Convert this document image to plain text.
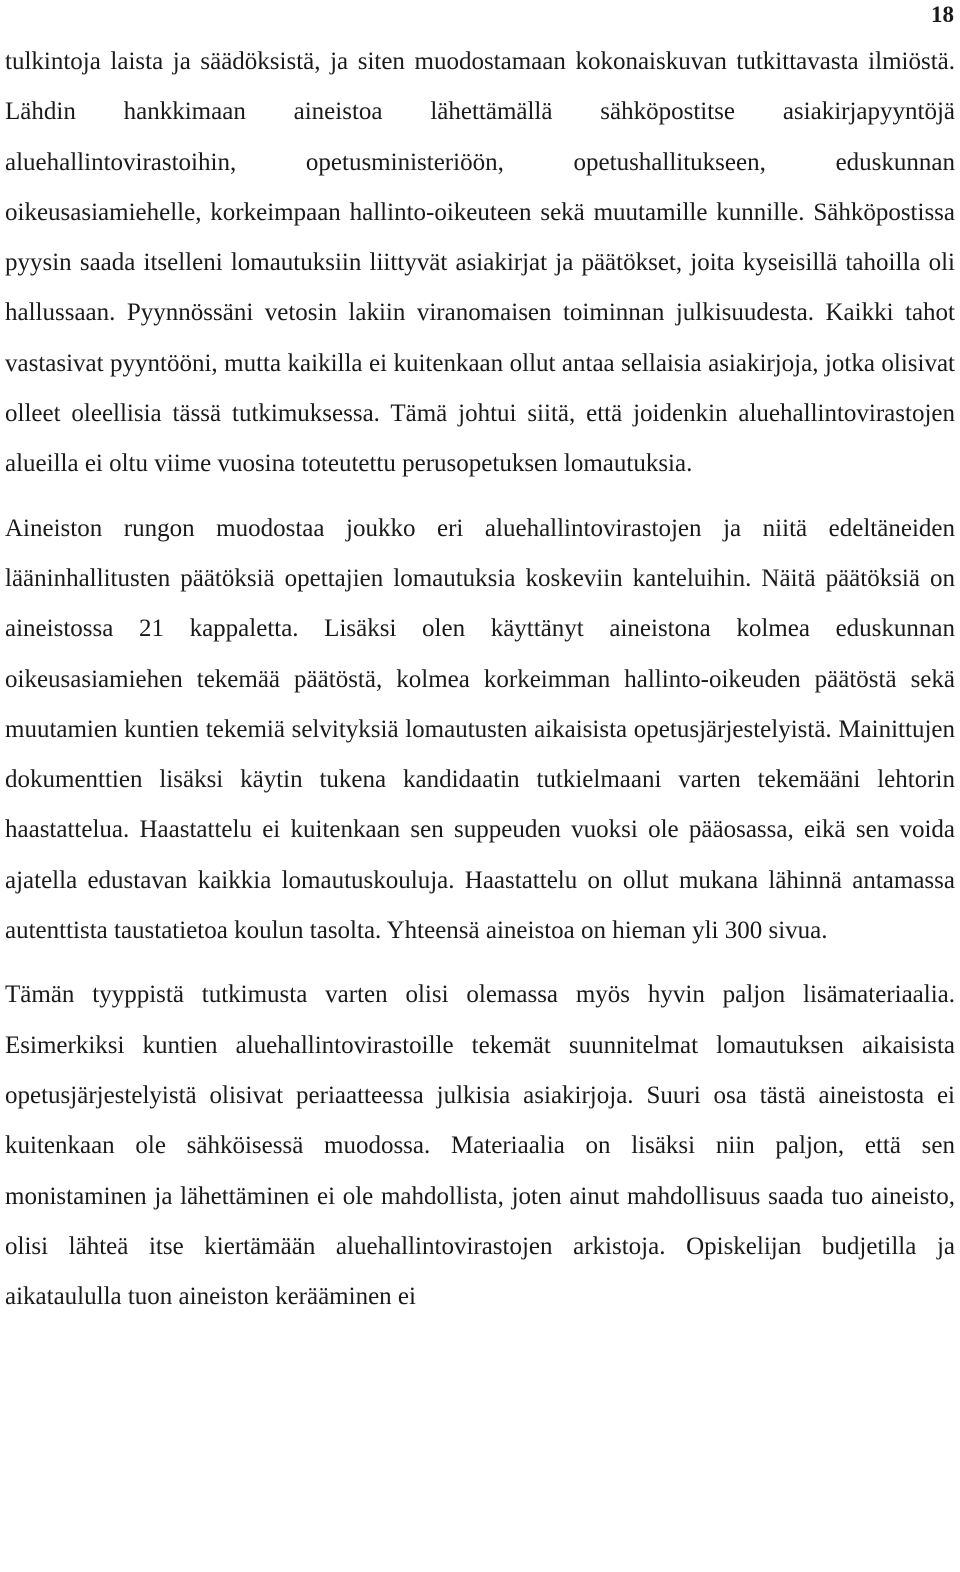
18

tulkintoja laista ja säädöksistä, ja siten muodostamaan kokonaiskuvan tutkittavasta ilmiöstä. Lähdin hankkimaan aineistoa lähettämällä sähköpostitse asiakirjapyyntöjä aluehallintovirastoihin, opetusministeriöön, opetushallitukseen, eduskunnan oikeusasiamiehelle, korkeimpaan hallinto-oikeuteen sekä muutamille kunnille. Sähköpostissa pyysin saada itselleni lomautuksiin liittyvät asiakirjat ja päätökset, joita kyseisillä tahoilla oli hallussaan. Pyynnössäni vetosin lakiin viranomaisen toiminnan julkisuudesta. Kaikki tahot vastasivat pyyntööni, mutta kaikilla ei kuitenkaan ollut antaa sellaisia asiakirjoja, jotka olisivat olleet oleellisia tässä tutkimuksessa. Tämä johtui siitä, että joidenkin aluehallintovirastojen alueilla ei oltu viime vuosina toteutettu perusopetuksen lomautuksia.

Aineiston rungon muodostaa joukko eri aluehallintovirastojen ja niitä edeltäneiden lääninhallitusten päätöksiä opettajien lomautuksia koskeviin kanteluihin. Näitä päätöksiä on aineistossa 21 kappaletta. Lisäksi olen käyttänyt aineistona kolmea eduskunnan oikeusasiamiehen tekemää päätöstä, kolmea korkeimman hallinto-oikeuden päätöstä sekä muutamien kuntien tekemiä selvityksiä lomautusten aikaisista opetusjärjestelyistä. Mainittujen dokumenttien lisäksi käytin tukena kandidaatin tutkielmaani varten tekemääni lehtorin haastattelua. Haastattelu ei kuitenkaan sen suppeuden vuoksi ole pääosassa, eikä sen voida ajatella edustavan kaikkia lomautuskouluja. Haastattelu on ollut mukana lähinnä antamassa autenttista taustatietoa koulun tasolta. Yhteensä aineistoa on hieman yli 300 sivua.

Tämän tyyppistä tutkimusta varten olisi olemassa myös hyvin paljon lisämateriaalia. Esimerkiksi kuntien aluehallintovirastoille tekemät suunnitelmat lomautuksen aikaisista opetusjärjestelyistä olisivat periaatteessa julkisia asiakirjoja. Suuri osa tästä aineistosta ei kuitenkaan ole sähköisessä muodossa. Materiaalia on lisäksi niin paljon, että sen monistaminen ja lähettäminen ei ole mahdollista, joten ainut mahdollisuus saada tuo aineisto, olisi lähteä itse kiertämään aluehallintovirastojen arkistoja. Opiskelijan budjetilla ja aikataululla tuon aineiston kerääminen ei
